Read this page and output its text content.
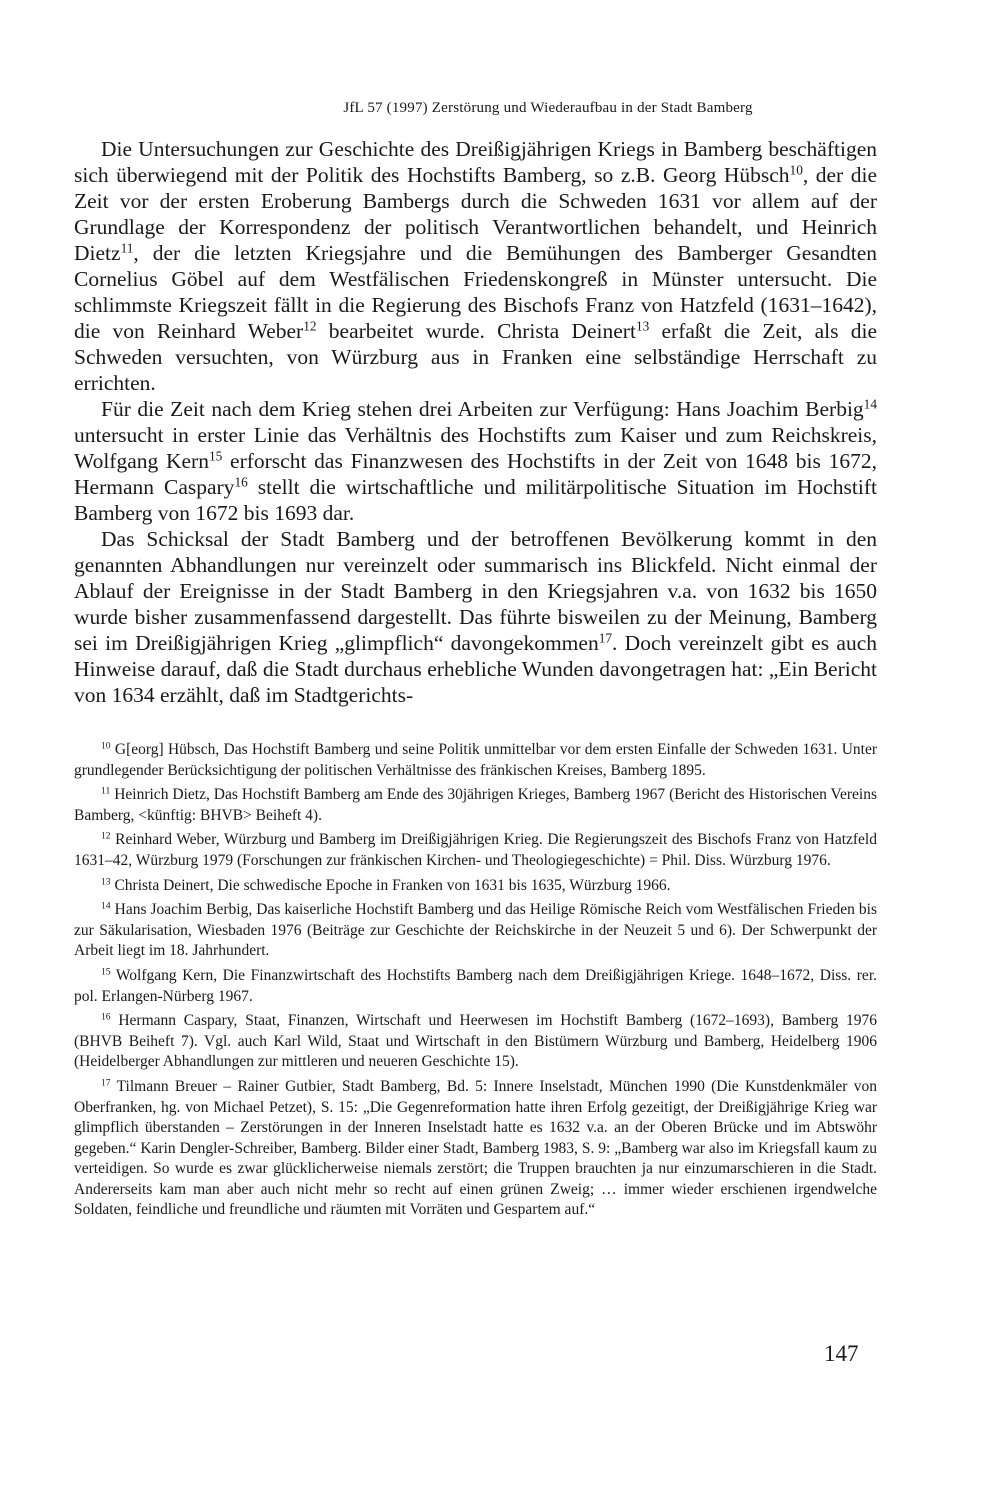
JfL 57 (1997) Zerstörung und Wiederaufbau in der Stadt Bamberg

Die Untersuchungen zur Geschichte des Dreißigjährigen Kriegs in Bamberg beschäftigen sich überwiegend mit der Politik des Hochstifts Bamberg, so z.B. Georg Hübsch$^{10}$, der die Zeit vor der ersten Eroberung Bambergs durch die Schweden 1631 vor allem auf der Grundlage der Korrespondenz der politisch Verantwortlichen behandelt, und Heinrich Dietz$^{11}$, der die letzten Kriegsjahre und die Bemühungen des Bamberger Gesandten Cornelius Göbel auf dem Westfälischen Friedenskongreß in Münster untersucht. Die schlimmste Kriegszeit fällt in die Regierung des Bischofs Franz von Hatzfeld (1631–1642), die von Reinhard Weber$^{12}$ bearbeitet wurde. Christa Deinert$^{13}$ erfaßt die Zeit, als die Schweden versuchten, von Würzburg aus in Franken eine selbständige Herrschaft zu errichten.

Für die Zeit nach dem Krieg stehen drei Arbeiten zur Verfügung: Hans Joachim Berbig$^{14}$ untersucht in erster Linie das Verhältnis des Hochstifts zum Kaiser und zum Reichskreis, Wolfgang Kern$^{15}$ erforscht das Finanzwesen des Hochstifts in der Zeit von 1648 bis 1672, Hermann Caspary$^{16}$ stellt die wirtschaftliche und militärpolitische Situation im Hochstift Bamberg von 1672 bis 1693 dar.

Das Schicksal der Stadt Bamberg und der betroffenen Bevölkerung kommt in den genannten Abhandlungen nur vereinzelt oder summarisch ins Blickfeld. Nicht einmal der Ablauf der Ereignisse in der Stadt Bamberg in den Kriegsjahren v.a. von 1632 bis 1650 wurde bisher zusammenfassend dargestellt. Das führte bisweilen zu der Meinung, Bamberg sei im Dreißigjährigen Krieg „glimpflich“ davongekommen$^{17}$. Doch vereinzelt gibt es auch Hinweise darauf, daß die Stadt durchaus erhebliche Wunden davongetragen hat: „Ein Bericht von 1634 erzählt, daß im Stadtgerichts-

$^{10}$ G[eorg] Hübsch, Das Hochstift Bamberg und seine Politik unmittelbar vor dem ersten Einfalle der Schweden 1631. Unter grundlegender Berücksichtigung der politischen Verhältnisse des fränkischen Kreises, Bamberg 1895.

$^{11}$ Heinrich Dietz, Das Hochstift Bamberg am Ende des 30jährigen Krieges, Bamberg 1967 (Bericht des Historischen Vereins Bamberg, <künftig: BHVB> Beiheft 4).

$^{12}$ Reinhard Weber, Würzburg und Bamberg im Dreißigjährigen Krieg. Die Regierungszeit des Bischofs Franz von Hatzfeld 1631–42, Würzburg 1979 (Forschungen zur fränkischen Kirchen- und Theologiegeschichte) = Phil. Diss. Würzburg 1976.

$^{13}$ Christa Deinert, Die schwedische Epoche in Franken von 1631 bis 1635, Würzburg 1966.

$^{14}$ Hans Joachim Berbig, Das kaiserliche Hochstift Bamberg und das Heilige Römische Reich vom Westfälischen Frieden bis zur Säkularisation, Wiesbaden 1976 (Beiträge zur Geschichte der Reichskirche in der Neuzeit 5 und 6). Der Schwerpunkt der Arbeit liegt im 18. Jahrhundert.

$^{15}$ Wolfgang Kern, Die Finanzwirtschaft des Hochstifts Bamberg nach dem Dreißigjährigen Kriege. 1648–1672, Diss. rer. pol. Erlangen-Nürberg 1967.

$^{16}$ Hermann Caspary, Staat, Finanzen, Wirtschaft und Heerwesen im Hochstift Bamberg (1672–1693), Bamberg 1976 (BHVB Beiheft 7). Vgl. auch Karl Wild, Staat und Wirtschaft in den Bistümern Würzburg und Bamberg, Heidelberg 1906 (Heidelberger Abhandlungen zur mittleren und neueren Geschichte 15).

$^{17}$ Tilmann Breuer – Rainer Gutbier, Stadt Bamberg, Bd. 5: Innere Inselstadt, München 1990 (Die Kunstdenkmäler von Oberfranken, hg. von Michael Petzet), S. 15: „Die Gegenreformation hatte ihren Erfolg gezeitigt, der Dreißigjährige Krieg war glimpflich überstanden – Zerstörungen in der Inneren Inselstadt hatte es 1632 v.a. an der Oberen Brücke und im Abtswöhr gegeben.“ Karin Dengler-Schreiber, Bamberg. Bilder einer Stadt, Bamberg 1983, S. 9: „Bamberg war also im Kriegsfall kaum zu verteidigen. So wurde es zwar glücklicherweise niemals zerstört; die Truppen brauchten ja nur einzumarschieren in die Stadt. Andererseits kam man aber auch nicht mehr so recht auf einen grünen Zweig; … immer wieder erschienen irgendwelche Soldaten, feindliche und freundliche und räumten mit Vorräten und Gespartem auf.“

147
